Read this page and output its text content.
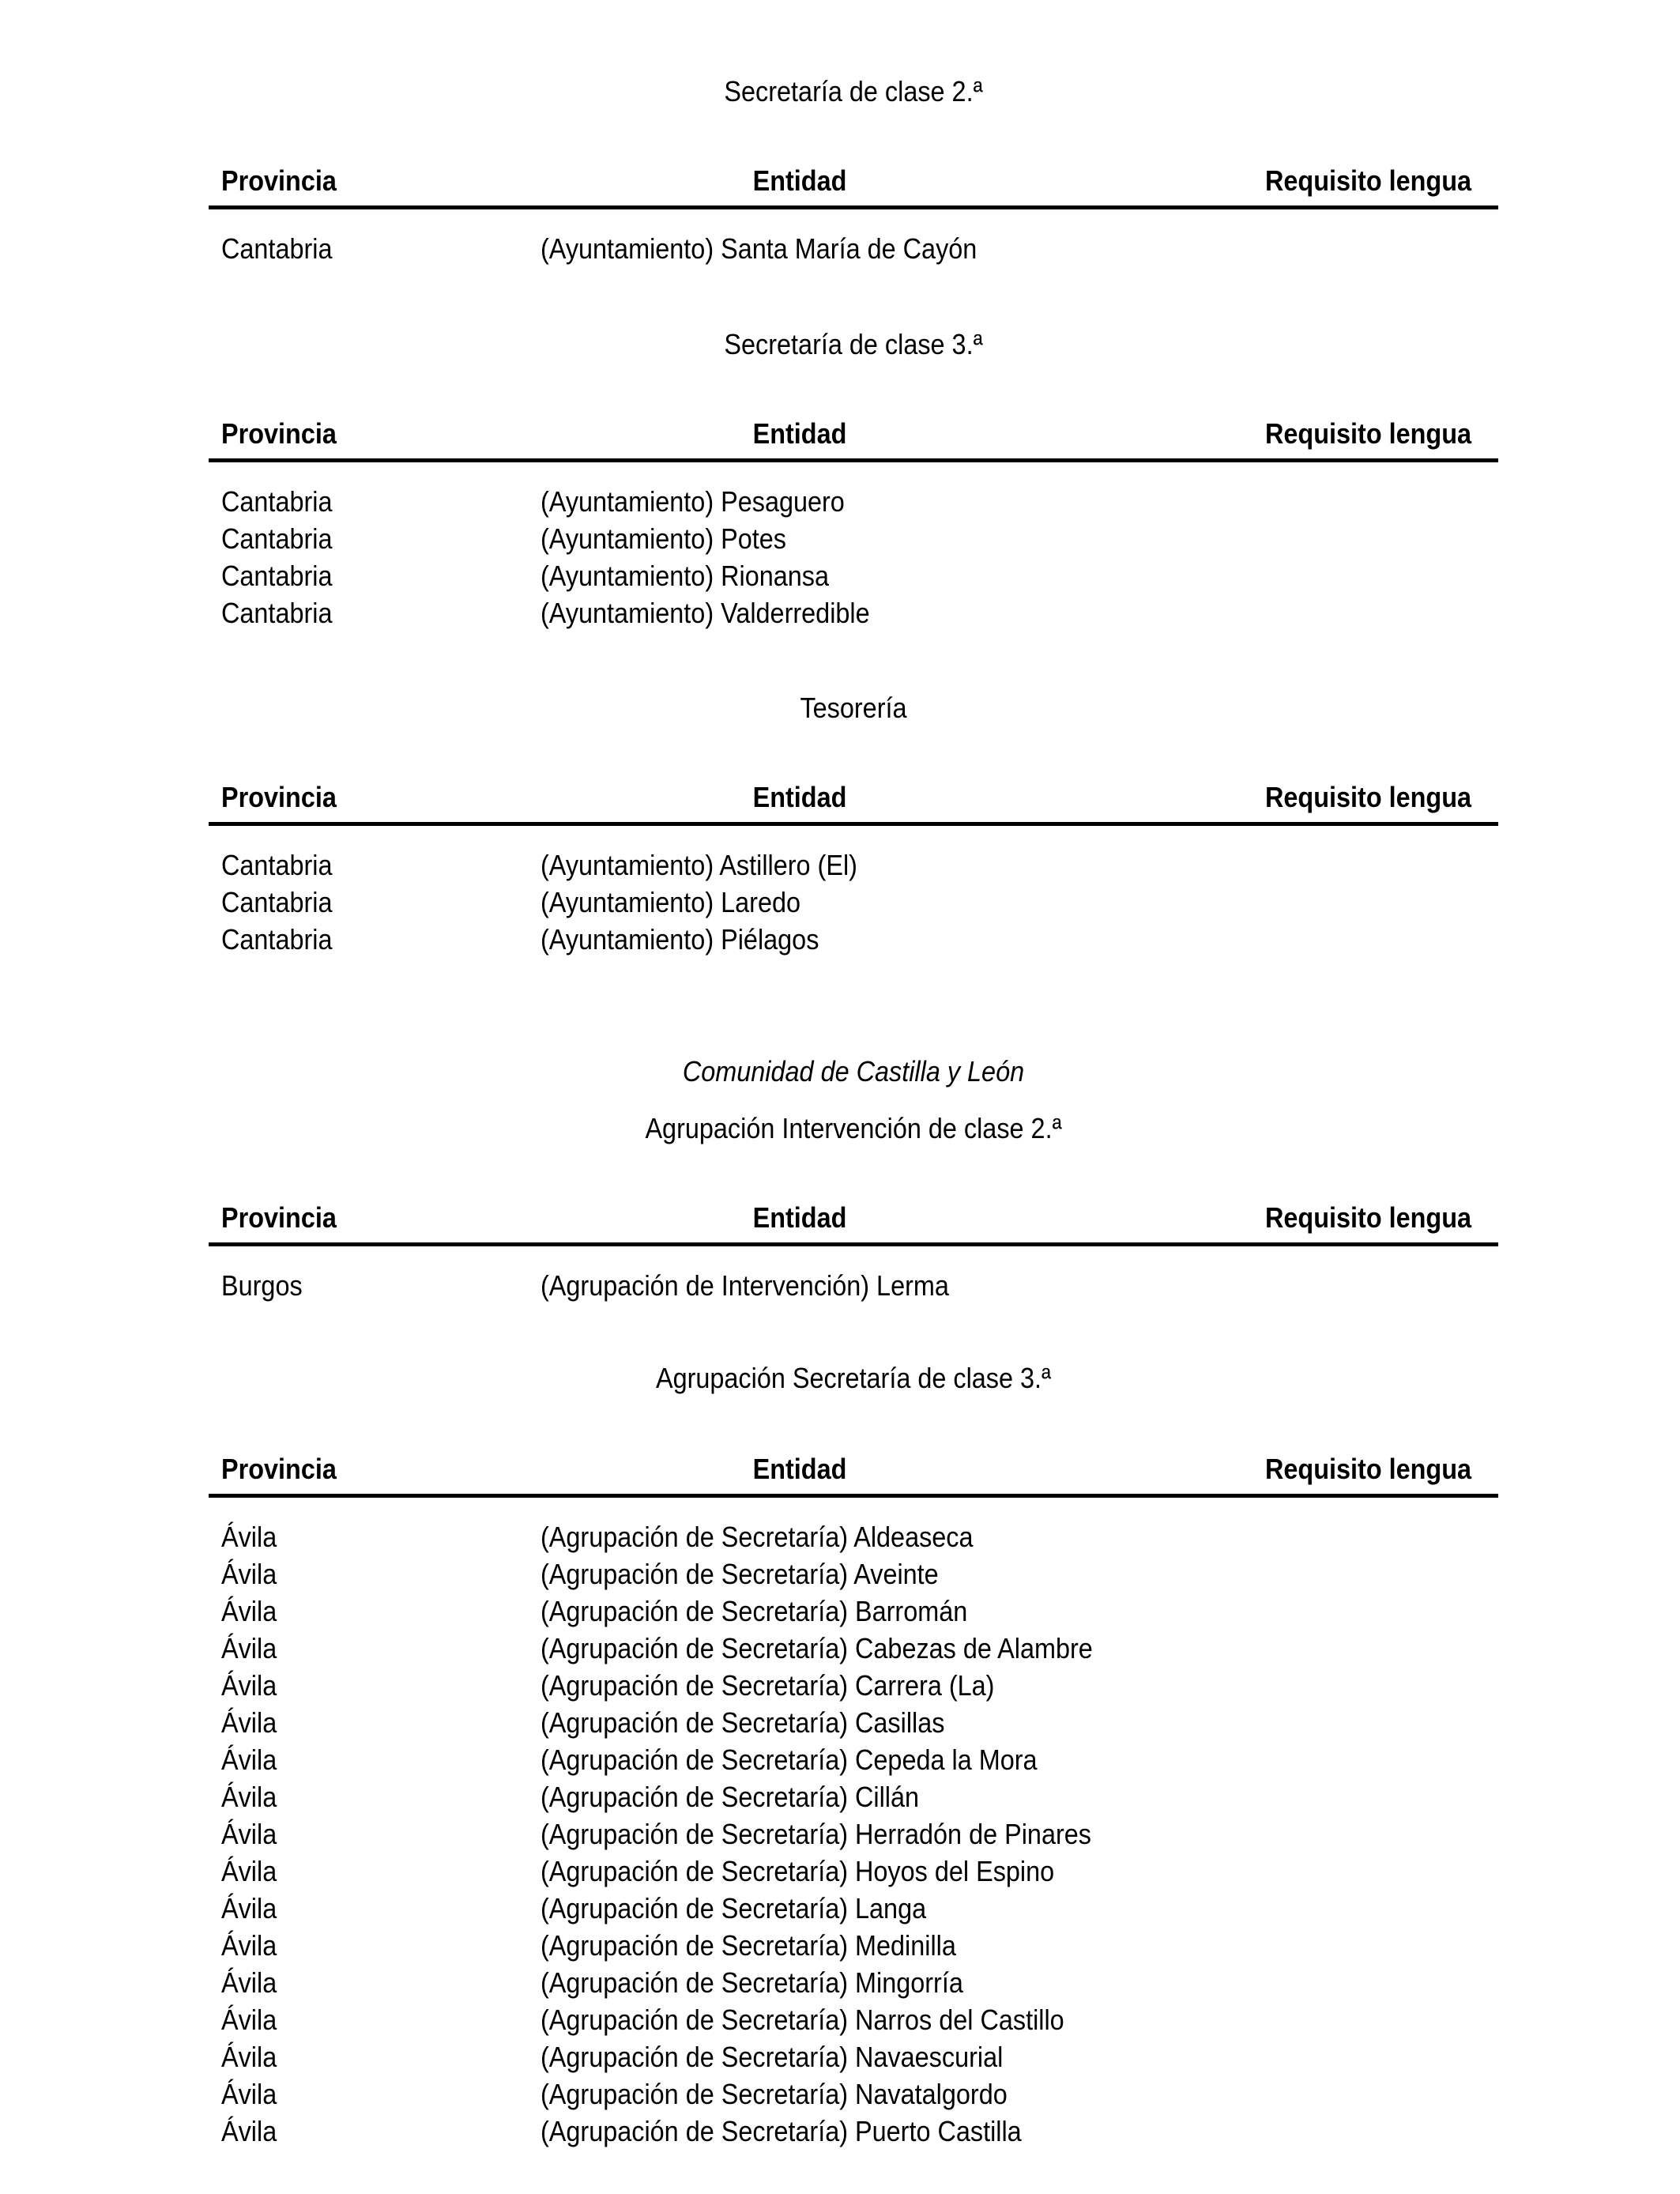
Secretaría de clase 2.ª
Provincia	Entidad	Requisito lengua
Cantabria	(Ayuntamiento) Santa María de Cayón
Secretaría de clase 3.ª
Provincia	Entidad	Requisito lengua
Cantabria	(Ayuntamiento) Pesaguero
Cantabria	(Ayuntamiento) Potes
Cantabria	(Ayuntamiento) Rionansa
Cantabria	(Ayuntamiento) Valderredible
Tesorería
Provincia	Entidad	Requisito lengua
Cantabria	(Ayuntamiento) Astillero (El)
Cantabria	(Ayuntamiento) Laredo
Cantabria	(Ayuntamiento) Piélagos
Comunidad de Castilla y León
Agrupación Intervención de clase 2.ª
Provincia	Entidad	Requisito lengua
Burgos	(Agrupación de Intervención) Lerma
Agrupación Secretaría de clase 3.ª
Provincia	Entidad	Requisito lengua
Ávila	(Agrupación de Secretaría) Aldeaseca
Ávila	(Agrupación de Secretaría) Aveinte
Ávila	(Agrupación de Secretaría) Barromán
Ávila	(Agrupación de Secretaría) Cabezas de Alambre
Ávila	(Agrupación de Secretaría) Carrera (La)
Ávila	(Agrupación de Secretaría) Casillas
Ávila	(Agrupación de Secretaría) Cepeda la Mora
Ávila	(Agrupación de Secretaría) Cillán
Ávila	(Agrupación de Secretaría) Herradón de Pinares
Ávila	(Agrupación de Secretaría) Hoyos del Espino
Ávila	(Agrupación de Secretaría) Langa
Ávila	(Agrupación de Secretaría) Medinilla
Ávila	(Agrupación de Secretaría) Mingorría
Ávila	(Agrupación de Secretaría) Narros del Castillo
Ávila	(Agrupación de Secretaría) Navaescurial
Ávila	(Agrupación de Secretaría) Navatalgordo
Ávila	(Agrupación de Secretaría) Puerto Castilla
